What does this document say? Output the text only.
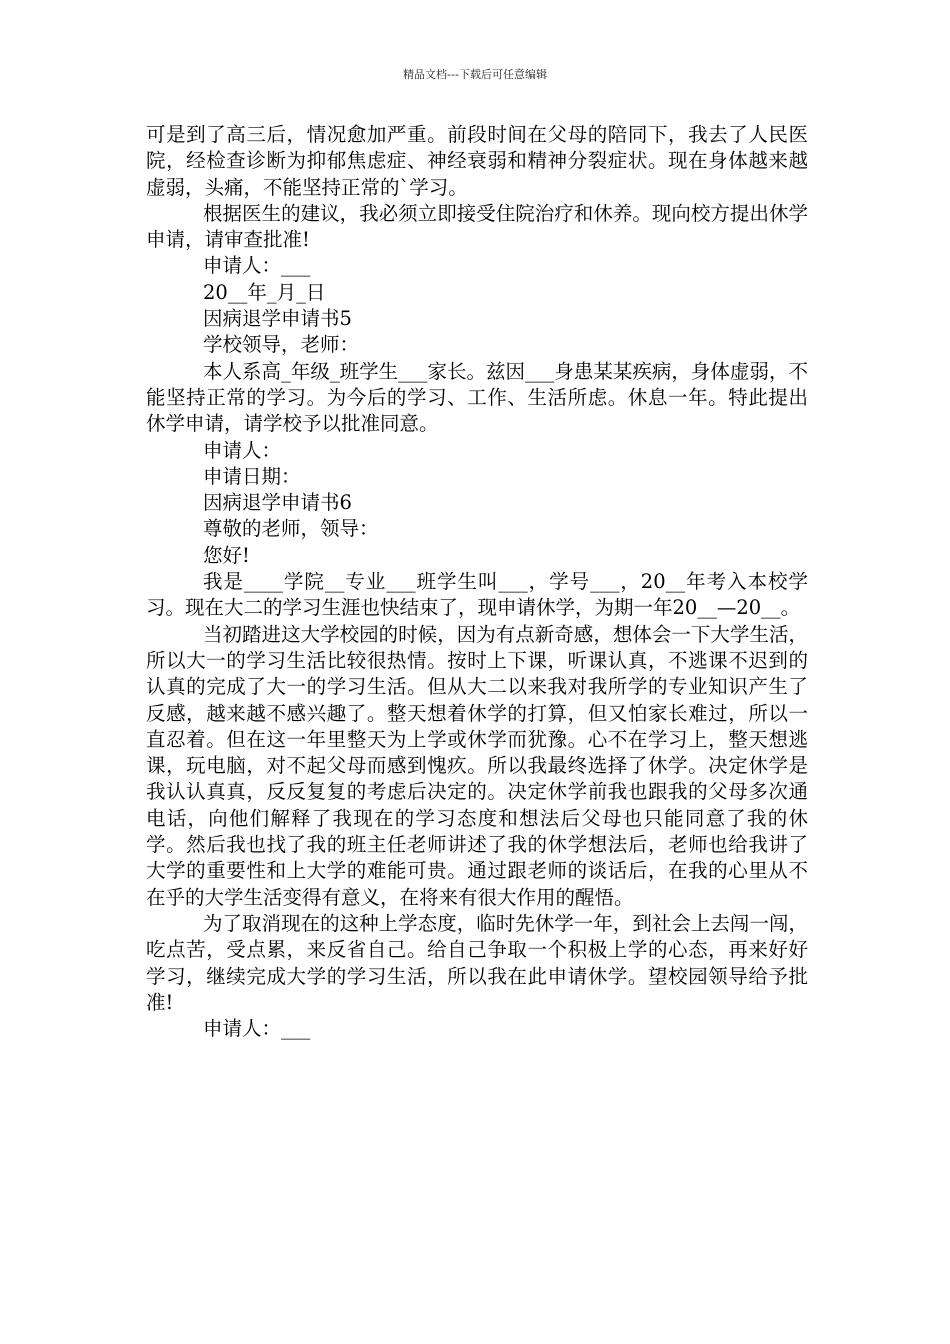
精品文档---下载后可任意编辑

可是到了高三后，情况愈加严重。前段时间在父母的陪同下，我去了人民医院，经检查诊断为抑郁焦虑症、神经衰弱和精神分裂症状。现在身体越来越虚弱，头痛，不能坚持正常的`学习。

根据医生的建议，我必须立即接受住院治疗和休养。现向校方提出休学申请，请审查批准!

申请人：___

20__年_月_日

因病退学申请书5

学校领导，老师：

本人系高_年级_班学生___家长。兹因___身患某某疾病，身体虚弱，不能坚持正常的学习。为今后的学习、工作、生活所虑。休息一年。特此提出休学申请，请学校予以批准同意。

申请人：

申请日期：

因病退学申请书6

尊敬的老师，领导：

您好!

我是____学院__专业___班学生叫___，学号___，20__年考入本校学习。现在大二的学习生涯也快结束了，现申请休学，为期一年20__—20__。

当初踏进这大学校园的时候，因为有点新奇感，想体会一下大学生活，所以大一的学习生活比较很热情。按时上下课，听课认真，不逃课不迟到的认真的完成了大一的学习生活。但从大二以来我对我所学的专业知识产生了反感，越来越不感兴趣了。整天想着休学的打算，但又怕家长难过，所以一直忍着。但在这一年里整天为上学或休学而犹豫。心不在学习上，整天想逃课，玩电脑，对不起父母而感到愧疚。所以我最终选择了休学。决定休学是我认认真真，反反复复的考虑后决定的。决定休学前我也跟我的父母多次通电话，向他们解释了我现在的学习态度和想法后父母也只能同意了我的休学。然后我也找了我的班主任老师讲述了我的休学想法后，老师也给我讲了大学的重要性和上大学的难能可贵。通过跟老师的谈话后，在我的心里从不在乎的大学生活变得有意义，在将来有很大作用的醒悟。

为了取消现在的这种上学态度，临时先休学一年，到社会上去闯一闯，吃点苦，受点累，来反省自己。给自己争取一个积极上学的心态，再来好好学习，继续完成大学的学习生活，所以我在此申请休学。望校园领导给予批准!

申请人：___
